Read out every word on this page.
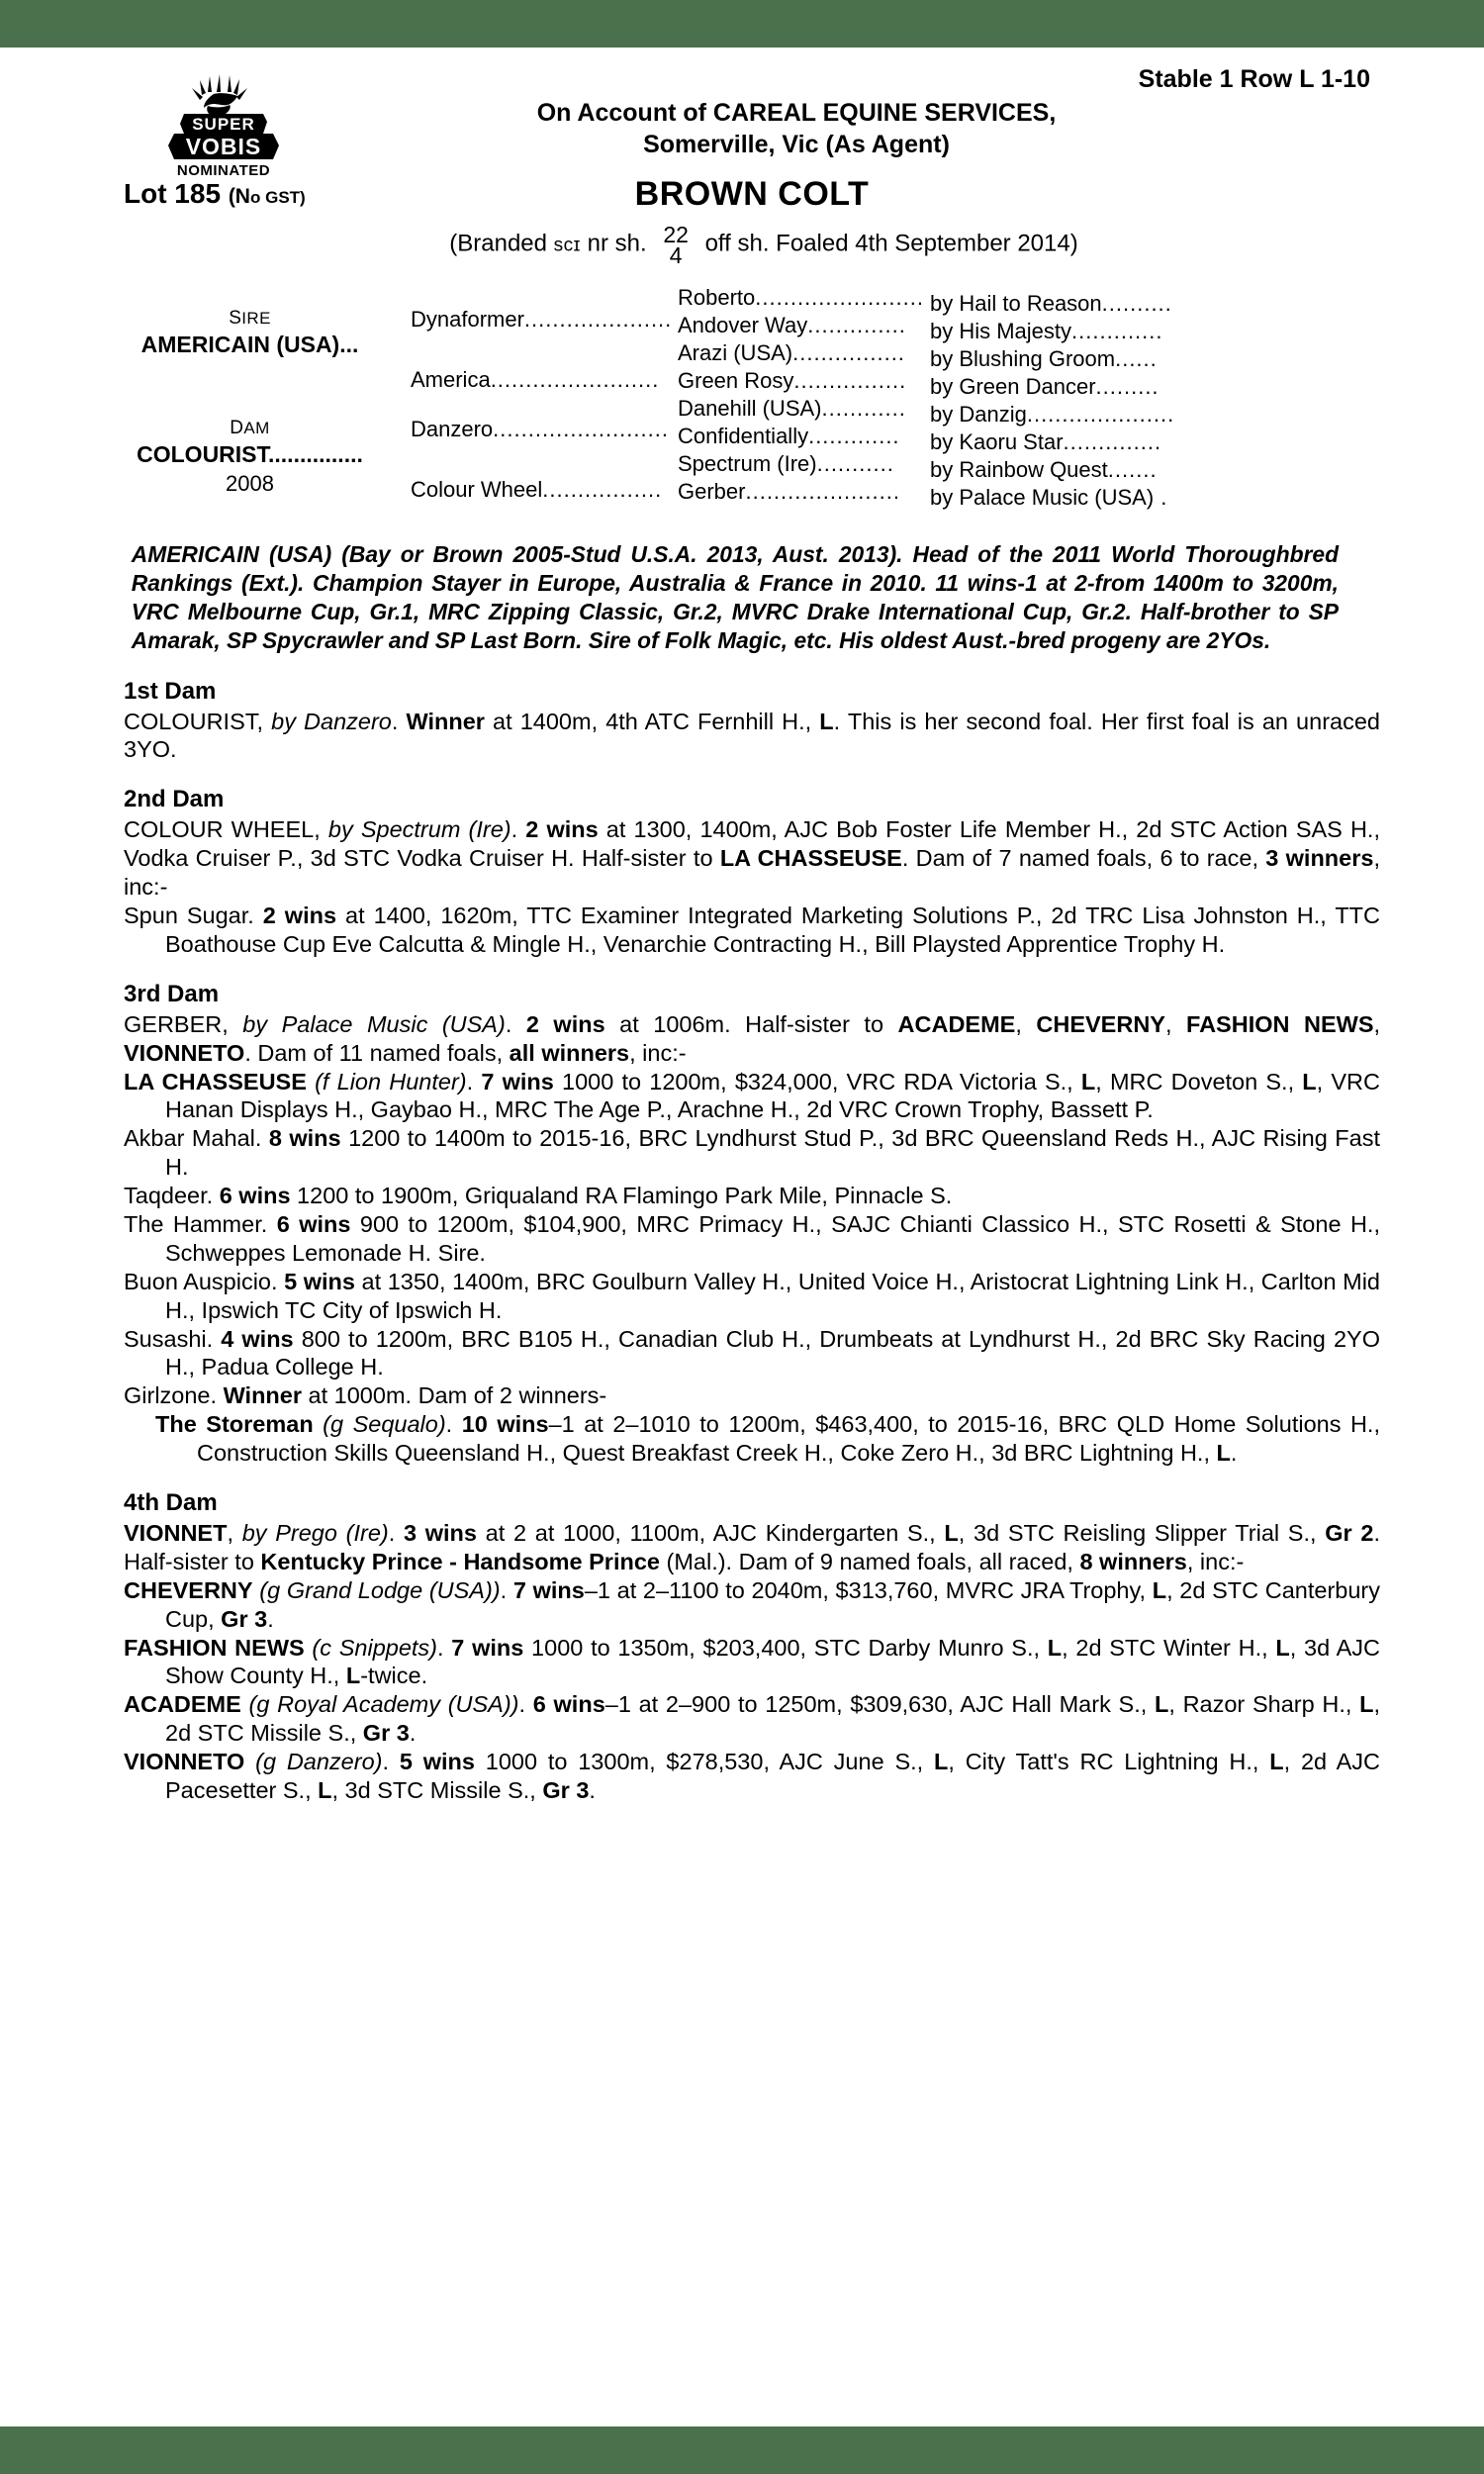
SUPER
VOBIS
NOMINATED
Stable 1 Row L 1-10
On Account of CAREAL EQUINE SERVICES,
Somerville, Vic (As Agent)
Lot 185 (No GST)	BROWN COLT
(Branded scɪ nr sh. 22
4 off sh. Foaled 4th September 2014)
SIRE
AMERICAIN (USA)...
DAM
COLOURIST...............
2008
Dynaformer.....................
America........................
Danzero.........................
Colour Wheel.................
Roberto........................ by Hail to Reason..........
Andover Way.............. by His Majesty.............
Arazi (USA)................ by Blushing Groom......
Green Rosy................ by Green Dancer.........
Danehill (USA)............ by Danzig.....................
Confidentially............. by Kaoru Star..............
Spectrum (Ire)........... by Rainbow Quest.......
Gerber...................... by Palace Music (USA) .
AMERICAIN (USA) (Bay or Brown 2005-Stud U.S.A. 2013, Aust. 2013). Head of the 2011 World Thoroughbred Rankings (Ext.). Champion Stayer in Europe, Australia & France in 2010. 11 wins-1 at 2-from 1400m to 3200m, VRC Melbourne Cup, Gr.1, MRC Zipping Classic, Gr.2, MVRC Drake International Cup, Gr.2. Half-brother to SP Amarak, SP Spycrawler and SP Last Born. Sire of Folk Magic, etc. His oldest Aust.-bred progeny are 2YOs.
1st Dam
COLOURIST, by Danzero. Winner at 1400m, 4th ATC Fernhill H., L. This is her second foal. Her first foal is an unraced 3YO.
2nd Dam
COLOUR WHEEL, by Spectrum (Ire). 2 wins at 1300, 1400m, AJC Bob Foster Life Member H., 2d STC Action SAS H., Vodka Cruiser P., 3d STC Vodka Cruiser H. Half-sister to LA CHASSEUSE. Dam of 7 named foals, 6 to race, 3 winners, inc:-
Spun Sugar. 2 wins at 1400, 1620m, TTC Examiner Integrated Marketing Solutions P., 2d TRC Lisa Johnston H., TTC Boathouse Cup Eve Calcutta & Mingle H., Venarchie Contracting H., Bill Playsted Apprentice Trophy H.
3rd Dam
GERBER, by Palace Music (USA). 2 wins at 1006m. Half-sister to ACADEME, CHEVERNY, FASHION NEWS, VIONNETO. Dam of 11 named foals, all winners, inc:-
LA CHASSEUSE (f Lion Hunter). 7 wins 1000 to 1200m, $324,000, VRC RDA Victoria S., L, MRC Doveton S., L, VRC Hanan Displays H., Gaybao H., MRC The Age P., Arachne H., 2d VRC Crown Trophy, Bassett P.
Akbar Mahal. 8 wins 1200 to 1400m to 2015-16, BRC Lyndhurst Stud P., 3d BRC Queensland Reds H., AJC Rising Fast H.
Taqdeer. 6 wins 1200 to 1900m, Griqualand RA Flamingo Park Mile, Pinnacle S.
The Hammer. 6 wins 900 to 1200m, $104,900, MRC Primacy H., SAJC Chianti Classico H., STC Rosetti & Stone H., Schweppes Lemonade H. Sire.
Buon Auspicio. 5 wins at 1350, 1400m, BRC Goulburn Valley H., United Voice H., Aristocrat Lightning Link H., Carlton Mid H., Ipswich TC City of Ipswich H.
Susashi. 4 wins 800 to 1200m, BRC B105 H., Canadian Club H., Drumbeats at Lyndhurst H., 2d BRC Sky Racing 2YO H., Padua College H.
Girlzone. Winner at 1000m. Dam of 2 winners-
The Storeman (g Sequalo). 10 wins–1 at 2–1010 to 1200m, $463,400, to 2015-16, BRC QLD Home Solutions H., Construction Skills Queensland H., Quest Breakfast Creek H., Coke Zero H., 3d BRC Lightning H., L.
4th Dam
VIONNET, by Prego (Ire). 3 wins at 2 at 1000, 1100m, AJC Kindergarten S., L, 3d STC Reisling Slipper Trial S., Gr 2. Half-sister to Kentucky Prince - Handsome Prince (Mal.). Dam of 9 named foals, all raced, 8 winners, inc:-
CHEVERNY (g Grand Lodge (USA)). 7 wins–1 at 2–1100 to 2040m, $313,760, MVRC JRA Trophy, L, 2d STC Canterbury Cup, Gr 3.
FASHION NEWS (c Snippets). 7 wins 1000 to 1350m, $203,400, STC Darby Munro S., L, 2d STC Winter H., L, 3d AJC Show County H., L-twice.
ACADEME (g Royal Academy (USA)). 6 wins–1 at 2–900 to 1250m, $309,630, AJC Hall Mark S., L, Razor Sharp H., L, 2d STC Missile S., Gr 3.
VIONNETO (g Danzero). 5 wins 1000 to 1300m, $278,530, AJC June S., L, City Tatt's RC Lightning H., L, 2d AJC Pacesetter S., L, 3d STC Missile S., Gr 3.
